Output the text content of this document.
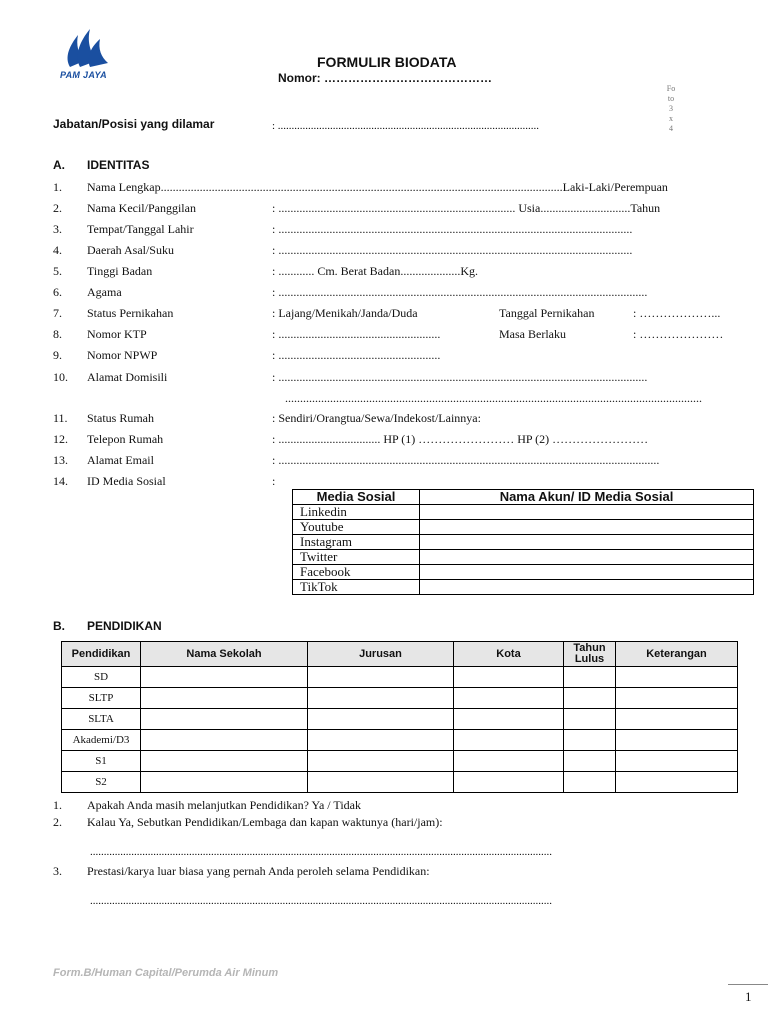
PAM JAYA
FORMULIR BIODATA
Nomor: ……………………………………
Fo
to
3
x
4
Jabatan/Posisi yang dilamar	: ...............................................................................................
A. IDENTITAS
1. Nama Lengkap......................................................................................................................................Laki-Laki/Perempuan
2. Nama Kecil/Panggilan	: ............................................................................... Usia..............................Tahun
3. Tempat/Tanggal Lahir	: ......................................................................................................................
4. Daerah Asal/Suku	: ......................................................................................................................
5. Tinggi Badan	: ............ Cm. Berat Badan....................Kg.
6. Agama	: ...........................................................................................................................
7. Status Pernikahan	: Lajang/Menikah/Janda/Duda	Tanggal Pernikahan	: ………………...
8. Nomor KTP	: ......................................................	Masa Berlaku	: …………………
9. Nomor NPWP	: ......................................................
10. Alamat Domisili	: ...........................................................................................................................
...........................................................................................................................................
11. Status Rumah	: Sendiri/Orangtua/Sewa/Indekost/Lainnya:
12. Telepon Rumah	: .................................. HP (1) …………………… HP (2) ……………………
13. Alamat Email	: ...............................................................................................................................
14. ID Media Sosial	:
Media Sosial	Nama Akun/ ID Media Sosial
Linkedin	
Youtube	
Instagram	
Twitter	
Facebook	
TikTok	
B. PENDIDIKAN
Pendidikan	Nama Sekolah	Jurusan	Kota	Tahun Lulus	Keterangan
SD					
SLTP					
SLTA					
Akademi/D3					
S1					
S2					
1. Apakah Anda masih melanjutkan Pendidikan? Ya / Tidak
2. Kalau Ya, Sebutkan Pendidikan/Lembaga dan kapan waktunya (hari/jam):
........................................................................................................................................................................
3. Prestasi/karya luar biasa yang pernah Anda peroleh selama Pendidikan:
........................................................................................................................................................................
Form.B/Human Capital/Perumda Air Minum
1
